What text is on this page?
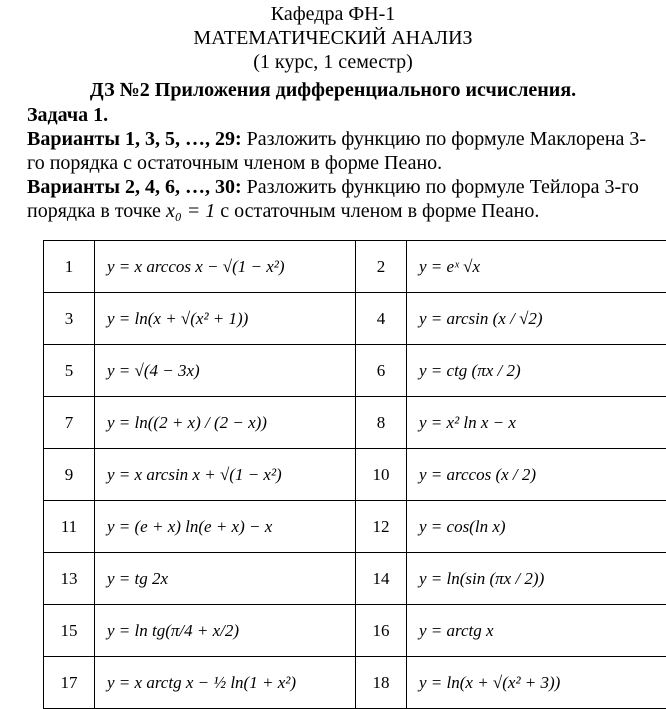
Кафедра ФН-1
МАТЕМАТИЧЕСКИЙ АНАЛИЗ
(1 курс, 1 семестр)
ДЗ №2 Приложения дифференциального исчисления.
Задача 1.
Варианты 1, 3, 5, …, 29: Разложить функцию по формуле Маклорена 3-го порядка с остаточным членом в форме Пеано.
Варианты 2, 4, 6, …, 30: Разложить функцию по формуле Тейлора 3-го порядка в точке x₀ = 1 с остаточным членом в форме Пеано.
1	y = x arccos x − √(1 − x²)	2	y = eˣ √x
3	y = ln(x + √(x² + 1))	4	y = arcsin (x / √2)
5	y = √(4 − 3x)	6	y = ctg (πx / 2)
7	y = ln((2 + x) / (2 − x))	8	y = x² ln x − x
9	y = x arcsin x + √(1 − x²)	10	y = arccos (x / 2)
11	y = (e + x) ln(e + x) − x	12	y = cos(ln x)
13	y = tg 2x	14	y = ln(sin (πx / 2))
15	y = ln tg(π/4 + x/2)	16	y = arctg x
17	y = x arctg x − ½ ln(1 + x²)	18	y = ln(x + √(x² + 3))
